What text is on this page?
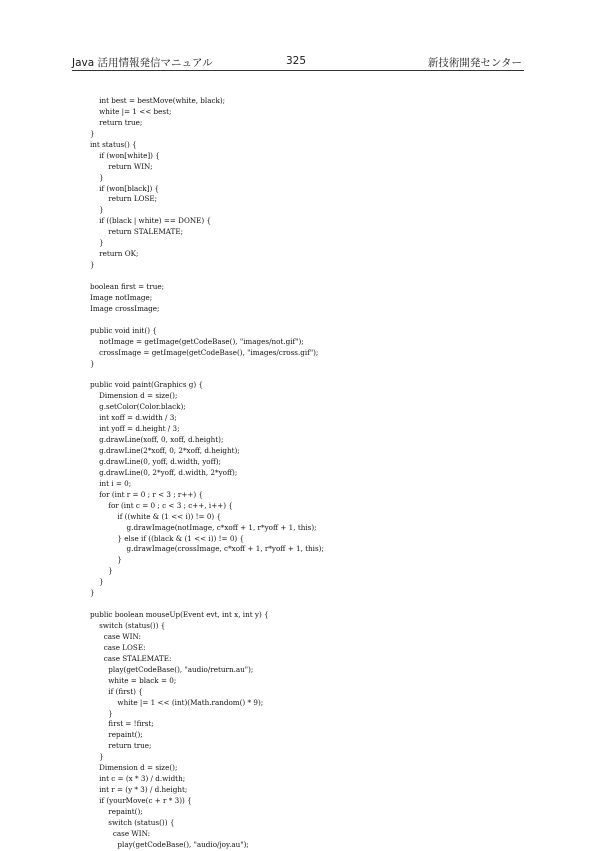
Java 活用情報発信マニュアル	325	新技術開発センター
int best = bestMove(white, black);
white |= 1 << best;
return true;
}
int status() {
if (won[white]) {
return WIN;
}
if (won[black]) {
return LOSE;
}
if ((black | white) == DONE) {
return STALEMATE;
}
return OK;
}
boolean first = true;
Image notImage;
Image crossImage;
public void init() {
notImage = getImage(getCodeBase(), "images/not.gif");
crossImage = getImage(getCodeBase(), "images/cross.gif");
}
public void paint(Graphics g) {
Dimension d = size();
g.setColor(Color.black);
int xoff = d.width / 3;
int yoff = d.height / 3;
g.drawLine(xoff, 0, xoff, d.height);
g.drawLine(2*xoff, 0, 2*xoff, d.height);
g.drawLine(0, yoff, d.width, yoff);
g.drawLine(0, 2*yoff, d.width, 2*yoff);
int i = 0;
for (int r = 0 ; r < 3 ; r++) {
for (int c = 0 ; c < 3 ; c++, i++) {
if ((white & (1 << i)) != 0) {
g.drawImage(notImage, c*xoff + 1, r*yoff + 1, this);
} else if ((black & (1 << i)) != 0) {
g.drawImage(crossImage, c*xoff + 1, r*yoff + 1, this);
}
}
}
}
public boolean mouseUp(Event evt, int x, int y) {
switch (status()) {
case WIN:
case LOSE:
case STALEMATE:
play(getCodeBase(), "audio/return.au");
white = black = 0;
if (first) {
white |= 1 << (int)(Math.random() * 9);
}
first = !first;
repaint();
return true;
}
Dimension d = size();
int c = (x * 3) / d.width;
int r = (y * 3) / d.height;
if (yourMove(c + r * 3)) {
repaint();
switch (status()) {
case WIN:
play(getCodeBase(), "audio/joy.au");
